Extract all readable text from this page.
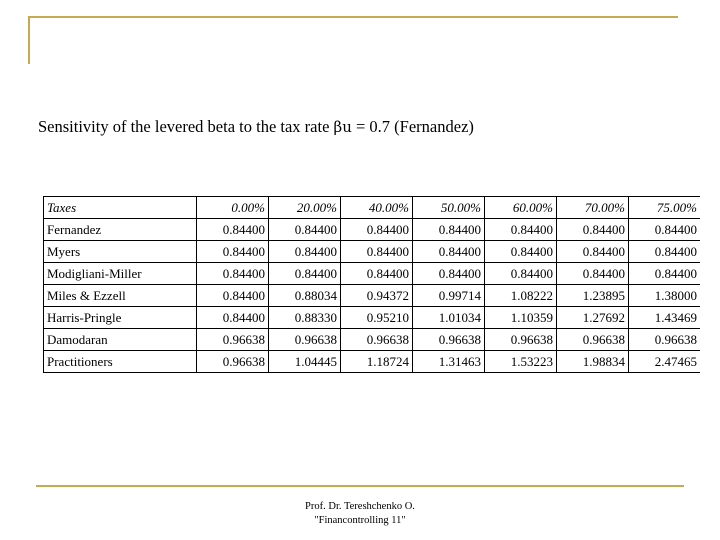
Sensitivity of the levered beta to the tax rate βu = 0.7 (Fernandez)
Taxes	0.00%	20.00%	40.00%	50.00%	60.00%	70.00%	75.00%
Fernandez	0.84400	0.84400	0.84400	0.84400	0.84400	0.84400	0.84400
Myers	0.84400	0.84400	0.84400	0.84400	0.84400	0.84400	0.84400
Modigliani-Miller	0.84400	0.84400	0.84400	0.84400	0.84400	0.84400	0.84400
Miles & Ezzell	0.84400	0.88034	0.94372	0.99714	1.08222	1.23895	1.38000
Harris-Pringle	0.84400	0.88330	0.95210	1.01034	1.10359	1.27692	1.43469
Damodaran	0.96638	0.96638	0.96638	0.96638	0.96638	0.96638	0.96638
Practitioners	0.96638	1.04445	1.18724	1.31463	1.53223	1.98834	2.47465
Prof. Dr. Tereshchenko O.
"Financontrolling 11"
